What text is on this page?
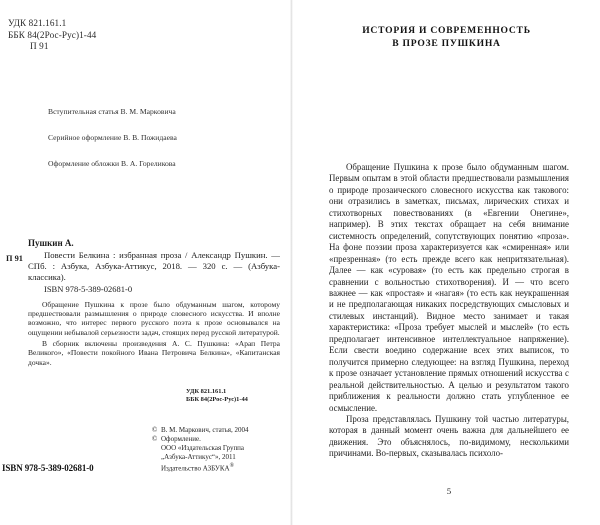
УДК 821.161.1
ББК 84(2Рос-Рус)1-44
П 91
Вступительная статья В. М. Марковича
Серийное оформление В. В. Пожидаева
Оформление обложки В. А. Гореликова
П 91
Пушкин А.
Повести Белкина : избранная проза / Александр Пушкин. — СПб. : Азбука, Азбука-Аттикус, 2018. — 320 с. — (Азбука-классика).
ISBN 978-5-389-02681-0
Обращение Пушкина к прозе было обдуманным шагом, которому предшествовали размышления о природе словесного искусства. И вполне возможно, что интерес первого русского поэта к прозе основывался на ощущении небывалой серьезности задач, стоящих перед русской литературой.
В сборник включены произведения А. С. Пушкина: «Арап Петра Великого», «Повести покойного Ивана Петровича Белкина», «Капитанская дочка».
УДК 821.161.1
ББК 84(2Рос-Рус)1-44
© В. М. Маркович, статья, 2004
© Оформление.
ООО «Издательская Группа
„Азбука-Аттикус“», 2011
Издательство АЗБУКА®
ISBN 978-5-389-02681-0
ИСТОРИЯ И СОВРЕМЕННОСТЬ
В ПРОЗЕ ПУШКИНА

Обращение Пушкина к прозе было обдуманным шагом. Первым опытам в этой области предшествовали размышления о природе прозаического словесного искусства как такового: они отразились в заметках, письмах, лирических стихах и стихотворных повествованиях (в «Евгении Онегине», например). В этих текстах обращает на себя внимание системность определений, сопутствующих понятию «проза». На фоне поэзии проза характеризуется как «смиренная» или «презренная» (то есть прежде всего как непритязательная). Далее — как «суровая» (то есть как предельно строгая в сравнении с вольностью стихотворения). И — что всего важнее — как «простая» и «нагая» (то есть как неукрашенная и не предполагающая никаких посредствующих смысловых и стилевых инстанций). Видное место занимает и такая характеристика: «Проза требует мыслей и мыслей» (то есть предполагает интенсивное интеллектуальное напряжение). Если свести воедино содержание всех этих выписок, то получится примерно следующее: на взгляд Пушкина, переход к прозе означает установление прямых отношений искусства с реальной действительностью. А целью и результатом такого приближения к реальности должно стать углубленное ее осмысление.

Проза представлялась Пушкину той частью литературы, которая в данный момент очень важна для дальнейшего ее движения. Это объяснялось, по-видимому, несколькими причинами. Во-первых, сказывалась психоло-

5
